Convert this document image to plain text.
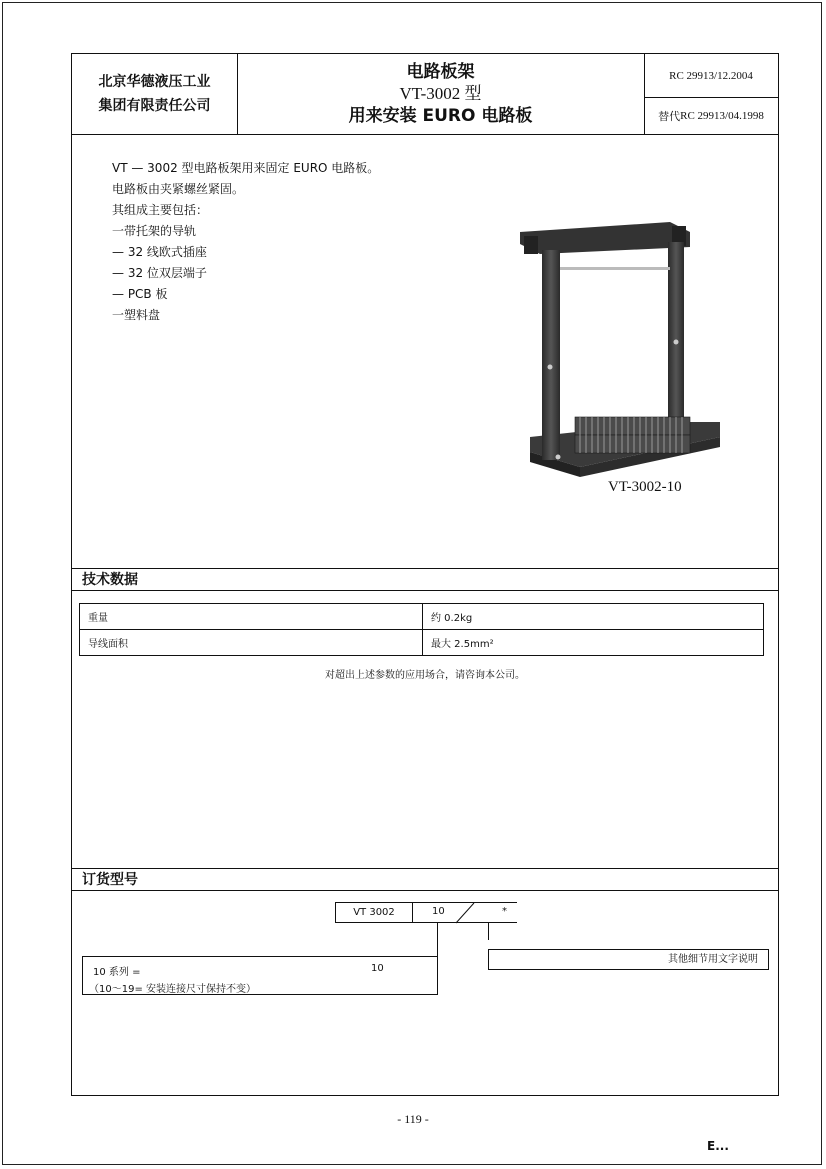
北京华德液压工业
集团有限责任公司
电路板架
VT-3002 型
用来安装 EURO 电路板
RC 29913/12.2004
替代 RC 29913/04.1998
VT — 3002 型电路板架用来固定 EURO 电路板。
电路板由夹紧螺丝紧固。
其组成主要包括：
一带托架的导轨
— 32 线欧式插座
— 32 位双层端子
— PCB 板
一塑料盘
VT-3002-10
技术数据
重量	约 0.2kg
导线面积	最大 2.5mm²
对超出上述参数的应用场合，请咨询本公司。
订货型号
VT 3002	10	*
10 系列 =	10
（10～19= 安装连接尺寸保持不变）
其他细节用文字说明
- 119 -
E...
